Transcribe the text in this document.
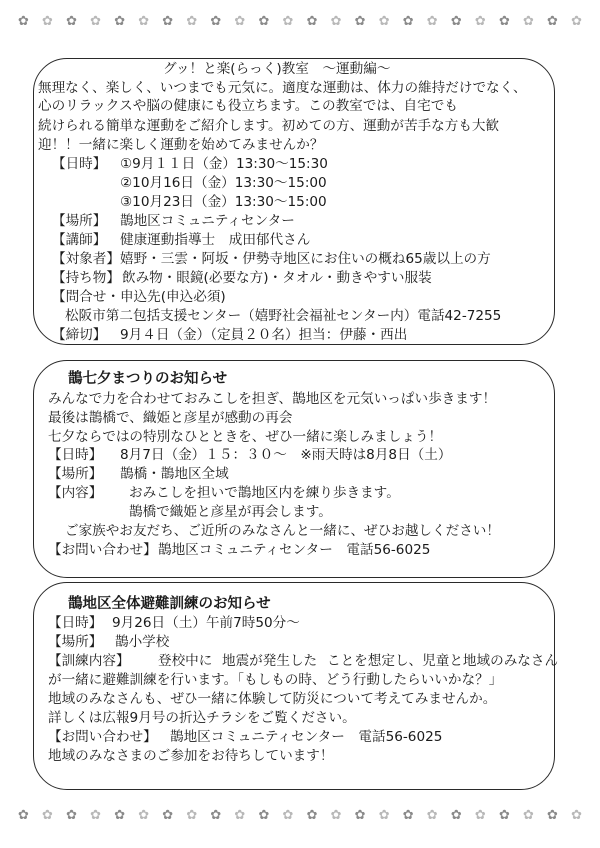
✿ ✿ ✿ ✿ ✿ ✿ ✿ ✿ ✿ ✿ ✿ ✿ ✿ ✿ ✿ ✿ ✿ ✿ ✿ ✿ ✿ ✿ ✿ ✿
✿ ✿ ✿ ✿ ✿ ✿ ✿ ✿ ✿ ✿ ✿ ✿ ✿ ✿ ✿ ✿ ✿ ✿ ✿ ✿ ✿ ✿ ✿ ✿
グッ！と楽(らっく)教室　～運動編～
無理なく、楽しく、いつまでも元気に。適度な運動は、体力の維持だけでなく、
心のリラックスや脳の健康にも役立ちます。この教室では、自宅でも
続けられる簡単な運動をご紹介します。初めての方、運動が苦手な方も大歓
迎！！一緒に楽しく運動を始めてみませんか？
【日時】 ①9月１１日（金）13:30～15:30
②10月16日（金）13:30～15:00
③10月23日（金）13:30～15:00
【場所】 鵲地区コミュニティセンター
【講師】 健康運動指導士　成田郁代さん
【対象者】 嬉野・三雲・阿坂・伊勢寺地区にお住いの概ね65歳以上の方
【持ち物】 飲み物・眼鏡(必要な方)・タオル・動きやすい服装
【問合せ・申込先(申込必須)
松阪市第二包括支援センター（嬉野社会福祉センター内）電話42-7255
【締切】 9月４日（金）（定員２０名）担当：伊藤・西出
鵲七夕まつりのお知らせ
みんなで力を合わせておみこしを担ぎ、鵲地区を元気いっぱい歩きます！
最後は鵲橋で、織姫と彦星が感動の再会
七夕ならではの特別なひとときを、ぜひ一緒に楽しみましょう！
【日時】 8月7日（金）１５：３０～　※雨天時は8月8日（土）
【場所】 鵲橋・鵲地区全域
【内容】 おみこしを担いで鵲地区内を練り歩きます。
鵲橋で織姫と彦星が再会します。
ご家族やお友だち、ご近所のみなさんと一緒に、ぜひお越しください！
【お問い合わせ】 鵲地区コミュニティセンター　電話56-6025
鵲地区全体避難訓練のお知らせ
【日時】 9月26日（土）午前7時50分～
【場所】 鵲小学校
【訓練内容】 登校中に 地震が発生した ことを想定し、児童と地域のみなさん
が一緒に避難訓練を行います。「もしもの時、どう行動したらいいかな？」
地域のみなさんも、ぜひ一緒に体験して防災について考えてみませんか。
詳しくは広報9月号の折込チラシをご覧ください。
【お問い合わせ】 鵲地区コミュニティセンター　電話56-6025
地域のみなさまのご参加をお待ちしています！
